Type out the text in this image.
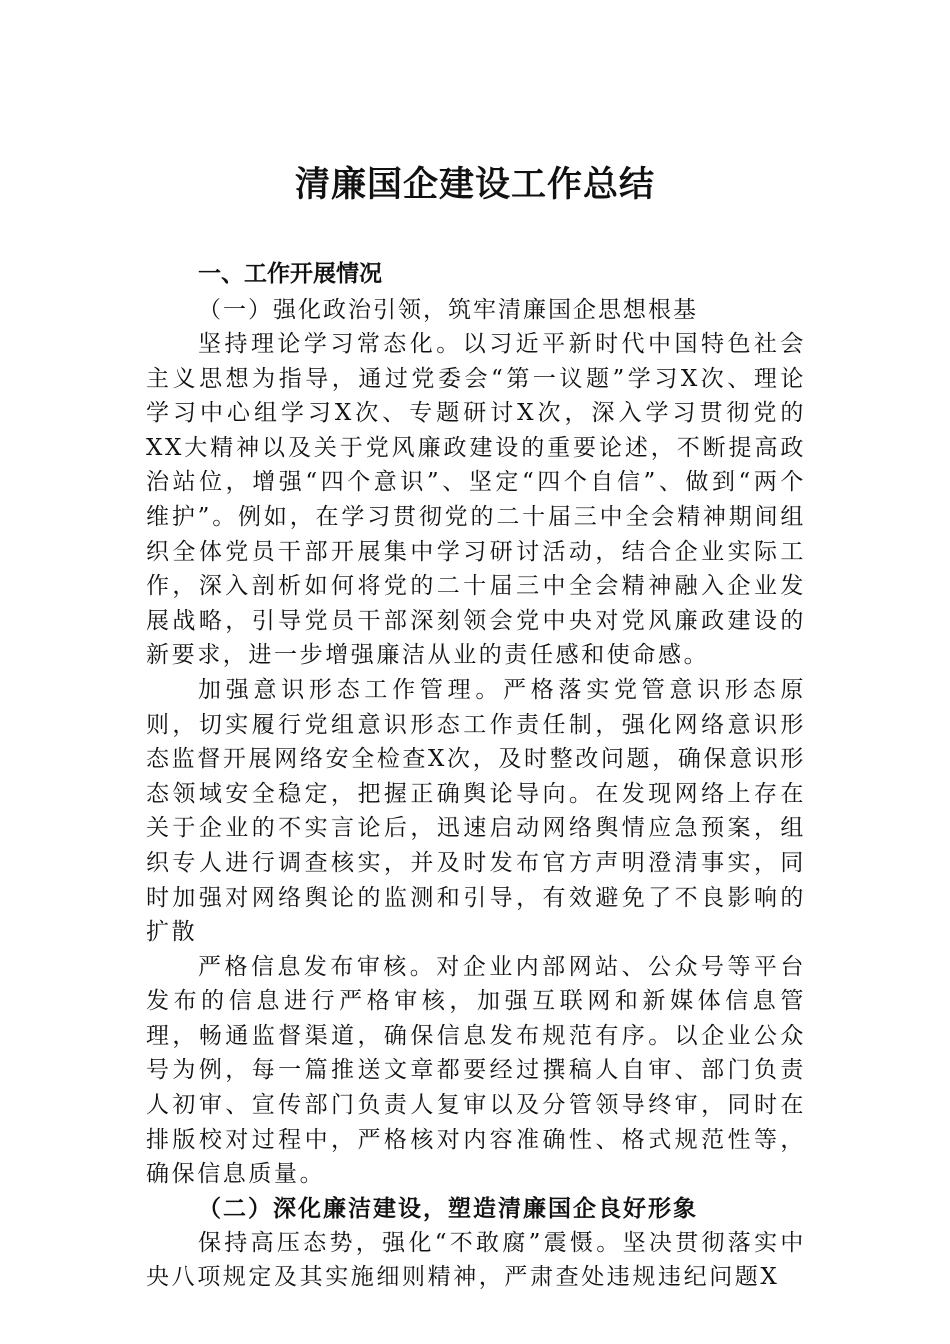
清廉国企建设工作总结

一、工作开展情况

（一）强化政治引领，筑牢清廉国企思想根基

坚持理论学习常态化。以习近平新时代中国特色社会主义思想为指导，通过党委会“第一议题”学习X次、理论学习中心组学习X次、专题研讨X次，深入学习贯彻党的XX大精神以及关于党风廉政建设的重要论述，不断提高政治站位，增强“四个意识”、坚定“四个自信”、做到“两个维护”。例如，在学习贯彻党的二十届三中全会精神期间组织全体党员干部开展集中学习研讨活动，结合企业实际工作，深入剖析如何将党的二十届三中全会精神融入企业发展战略，引导党员干部深刻领会党中央对党风廉政建设的新要求，进一步增强廉洁从业的责任感和使命感。

加强意识形态工作管理。严格落实党管意识形态原则，切实履行党组意识形态工作责任制，强化网络意识形态监督开展网络安全检查X次，及时整改问题，确保意识形态领域安全稳定，把握正确舆论导向。在发现网络上存在关于企业的不实言论后，迅速启动网络舆情应急预案，组织专人进行调查核实，并及时发布官方声明澄清事实，同时加强对网络舆论的监测和引导，有效避免了不良影响的扩散

严格信息发布审核。对企业内部网站、公众号等平台发布的信息进行严格审核，加强互联网和新媒体信息管理，畅通监督渠道，确保信息发布规范有序。以企业公众号为例，每一篇推送文章都要经过撰稿人自审、部门负责人初审、宣传部门负责人复审以及分管领导终审，同时在排版校对过程中，严格核对内容准确性、格式规范性等，确保信息质量。

（二）深化廉洁建设，塑造清廉国企良好形象

保持高压态势，强化“不敢腐”震慑。坚决贯彻落实中央八项规定及其实施细则精神，严肃查处违规违纪问题X
